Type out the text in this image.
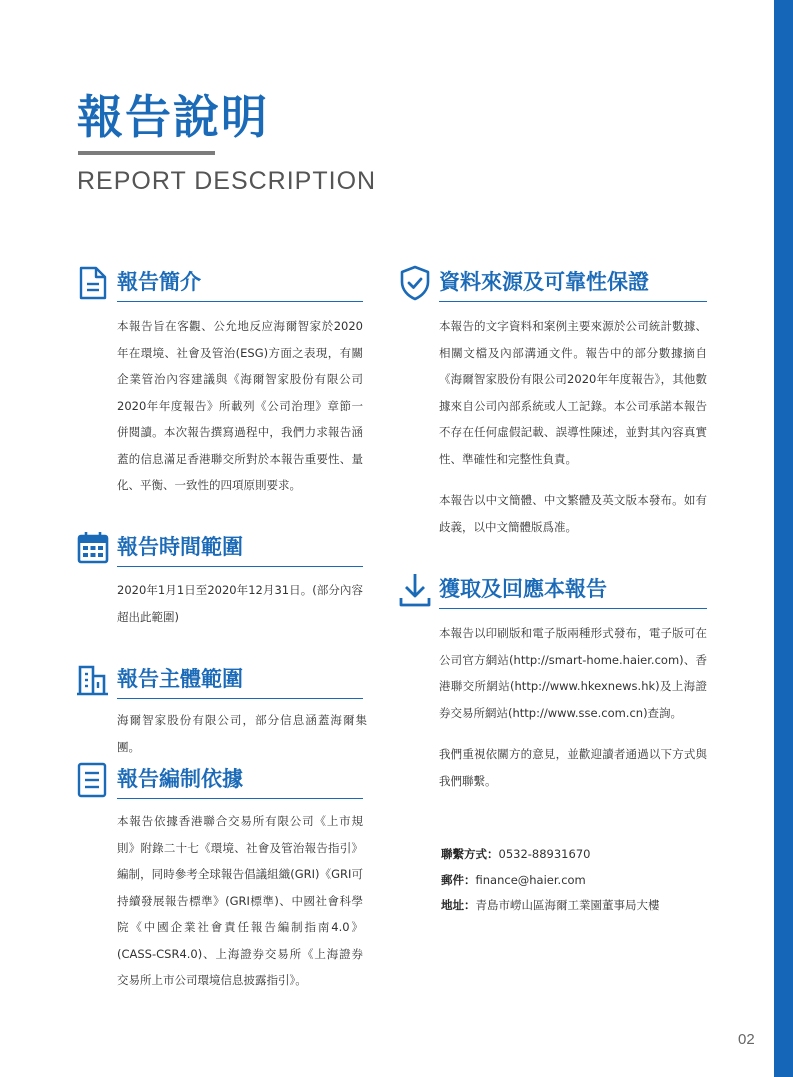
報告說明
REPORT DESCRIPTION
報告簡介

本報告旨在客觀、公允地反应海爾智家於2020年在環境、社會及管治(ESG)方面之表現，有關企業管治內容建議與《海爾智家股份有限公司2020年年度報告》所載列《公司治理》章節一併閱讀。本次報告撰寫過程中，我們力求報告涵蓋的信息滿足香港聯交所對於本報告重要性、量化、平衡、一致性的四項原則要求。

報告時間範圍

2020年1月1日至2020年12月31日。(部分內容超出此範圍)

報告主體範圍

海爾智家股份有限公司，部分信息涵蓋海爾集團。

報告編制依據

本報告依據香港聯合交易所有限公司《上市規則》附錄二十七《環境、社會及管治報告指引》編制，同時參考全球報告倡議組織(GRI)《GRI可持續發展報告標準》(GRI標準)、中國社會科學院《中國企業社會責任報告編制指南4.0》(CASS-CSR4.0)、上海證券交易所《上海證券交易所上市公司環境信息披露指引》。

資料來源及可靠性保證

本報告的文字資料和案例主要來源於公司統計數據、相關文檔及內部溝通文件。報告中的部分數據摘自《海爾智家股份有限公司2020年年度報告》，其他數據來自公司內部系統或人工記錄。本公司承諾本報告不存在任何虛假記載、誤導性陳述，並對其內容真實性、準確性和完整性負責。

本報告以中文簡體、中文繁體及英文版本發布。如有歧義，以中文簡體版爲准。

獲取及回應本報告

本報告以印刷版和電子版兩種形式發布，電子版可在公司官方網站(http://smart-home.haier.com)、香港聯交所網站(http://www.hkexnews.hk)及上海證券交易所網站(http://www.sse.com.cn)查詢。

我們重視依關方的意見，並歡迎讀者通過以下方式與我們聯繫。

聯繫方式：0532-88931670
郵件：finance@haier.com
地址：青島市嶗山區海爾工業園董事局大樓
02
